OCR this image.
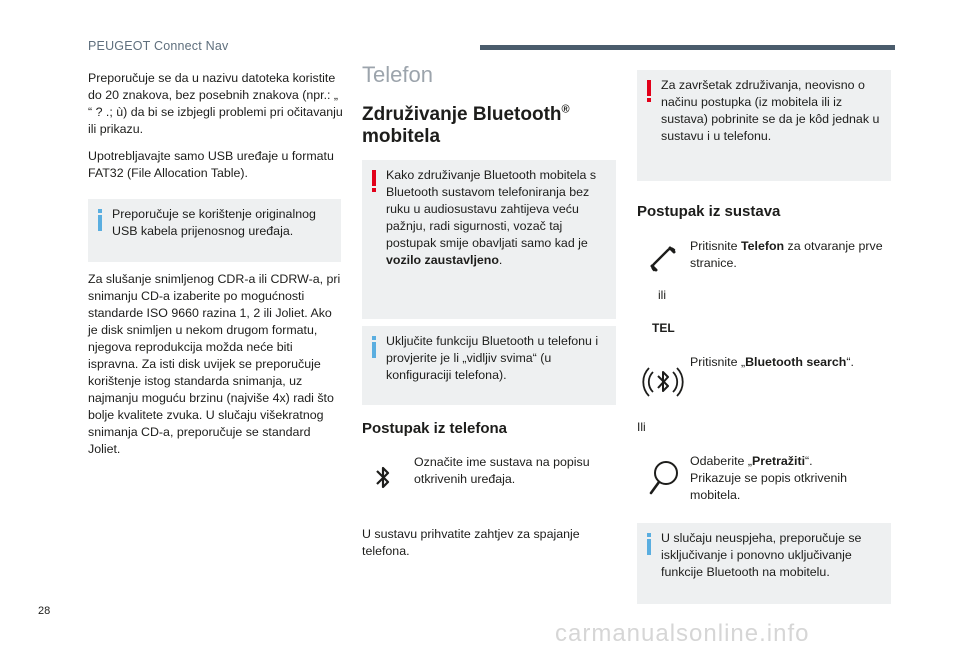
PEUGEOT Connect Nav

Preporučuje se da u nazivu datoteka koristite do 20 znakova, bez posebnih znakova (npr.: „ “ ? .; ù) da bi se izbjegli problemi pri očitavanju ili prikazu.

Upotrebljavajte samo USB uređaje u formatu FAT32 (File Allocation Table).

Preporučuje se korištenje originalnog USB kabela prijenosnog uređaja.

Za slušanje snimljenog CDR-a ili CDRW-a, pri snimanju CD-a izaberite po mogućnosti standarde ISO 9660 razina 1, 2 ili Joliet. Ako je disk snimljen u nekom drugom formatu, njegova reprodukcija možda neće biti ispravna. Za isti disk uvijek se preporučuje korištenje istog standarda snimanja, uz najmanju moguću brzinu (najviše 4x) radi što bolje kvalitete zvuka. U slučaju višekratnog snimanja CD-a, preporučuje se standard Joliet.

Telefon
Združivanje Bluetooth®
mobitela

Kako združivanje Bluetooth mobitela s Bluetooth sustavom telefoniranja bez ruku u audiosustavu zahtijeva veću pažnju, radi sigurnosti, vozač taj postupak smije obavljati samo kad je vozilo zaustavljeno.

Uključite funkciju Bluetooth u telefonu i provjerite je li „vidljiv svima“ (u konfiguraciji telefona).

Postupak iz telefona

Označite ime sustava na popisu otkrivenih uređaja.

U sustavu prihvatite zahtjev za spajanje telefona.

Za završetak združivanja, neovisno o načinu postupka (iz mobitela ili iz sustava) pobrinite se da je kôd jednak u sustavu i u telefonu.

Postupak iz sustava

Pritisnite Telefon za otvaranje prve stranice.

ili
TEL

Pritisnite „Bluetooth search“.

Ili

Odaberite „Pretražiti“.
Prikazuje se popis otkrivenih mobitela.

U slučaju neuspjeha, preporučuje se isključivanje i ponovno uključivanje funkcije Bluetooth na mobitelu.

28
carmanualsonline.info
